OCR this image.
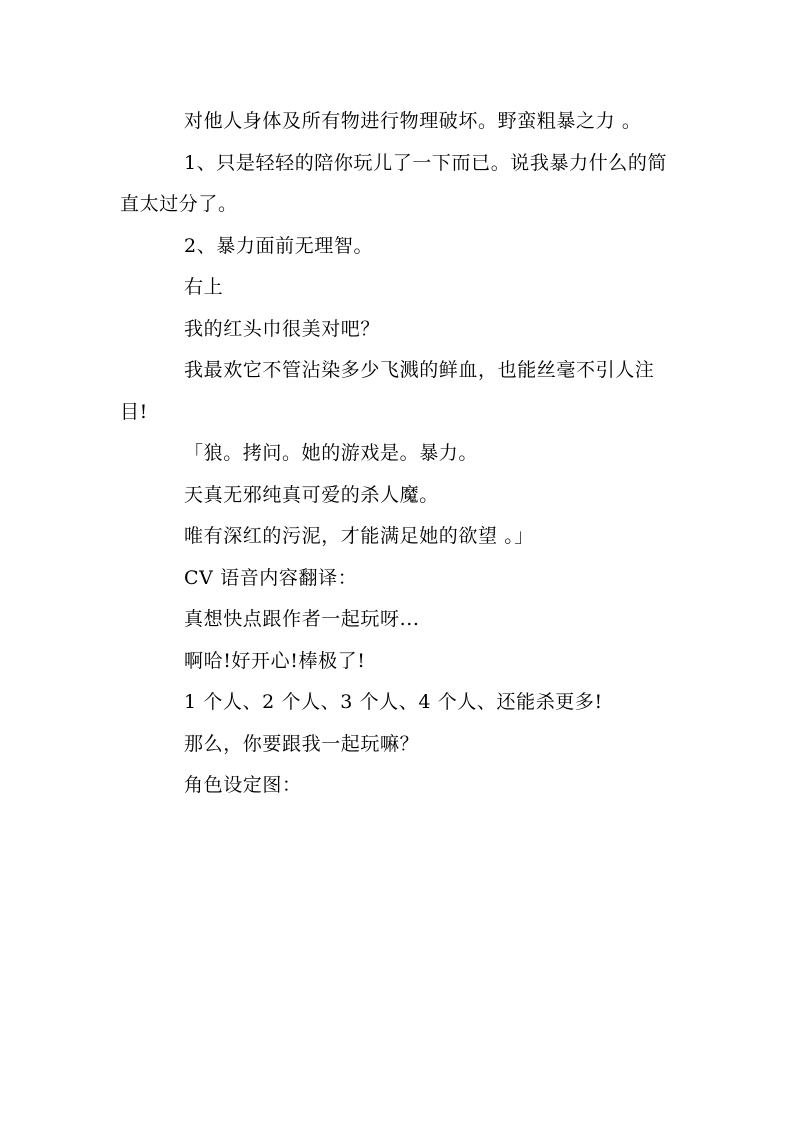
对他人身体及所有物进行物理破坏。野蛮粗暴之力 。

1、只是轻轻的陪你玩儿了一下而已。说我暴力什么的简直太过分了。

2、暴力面前无理智。

右上

我的红头巾很美对吧？

我最欢它不管沾染多少飞溅的鲜血，也能丝毫不引人注目!

「狼。拷问。她的游戏是。暴力。

天真无邪纯真可爱的杀人魔。

唯有深红的污泥，才能满足她的欲望 。」

CV 语音内容翻译：

真想快点跟作者一起玩呀...

啊哈!好开心!棒极了!

1 个人、2 个人、3 个人、4 个人、还能杀更多!

那么，你要跟我一起玩嘛？

角色设定图：
